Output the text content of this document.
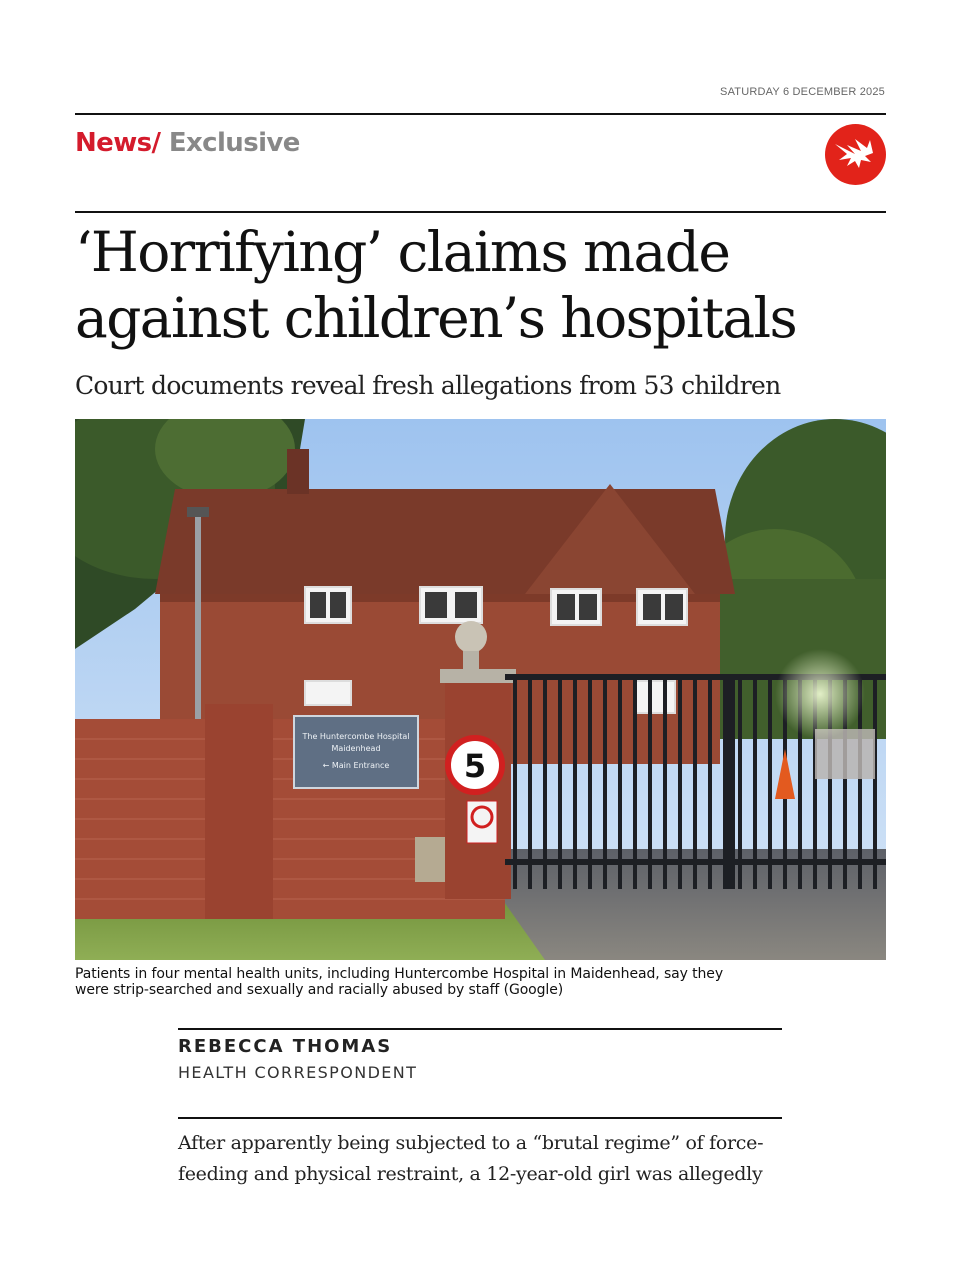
SATURDAY 6 DECEMBER 2025
News/ Exclusive
‘Horrifying’ claims made
against children’s hospitals
Court documents reveal fresh allegations from 53 children
The Huntercombe Hospital
Maidenhead
← Main Entrance 5
Patients in four mental health units, including Huntercombe Hospital in Maidenhead, say they
were strip-searched and sexually and racially abused by staff (Google)
REBECCA THOMAS
HEALTH CORRESPONDENT
After apparently being subjected to a “brutal regime” of force-
feeding and physical restraint, a 12-year-old girl was allegedly
